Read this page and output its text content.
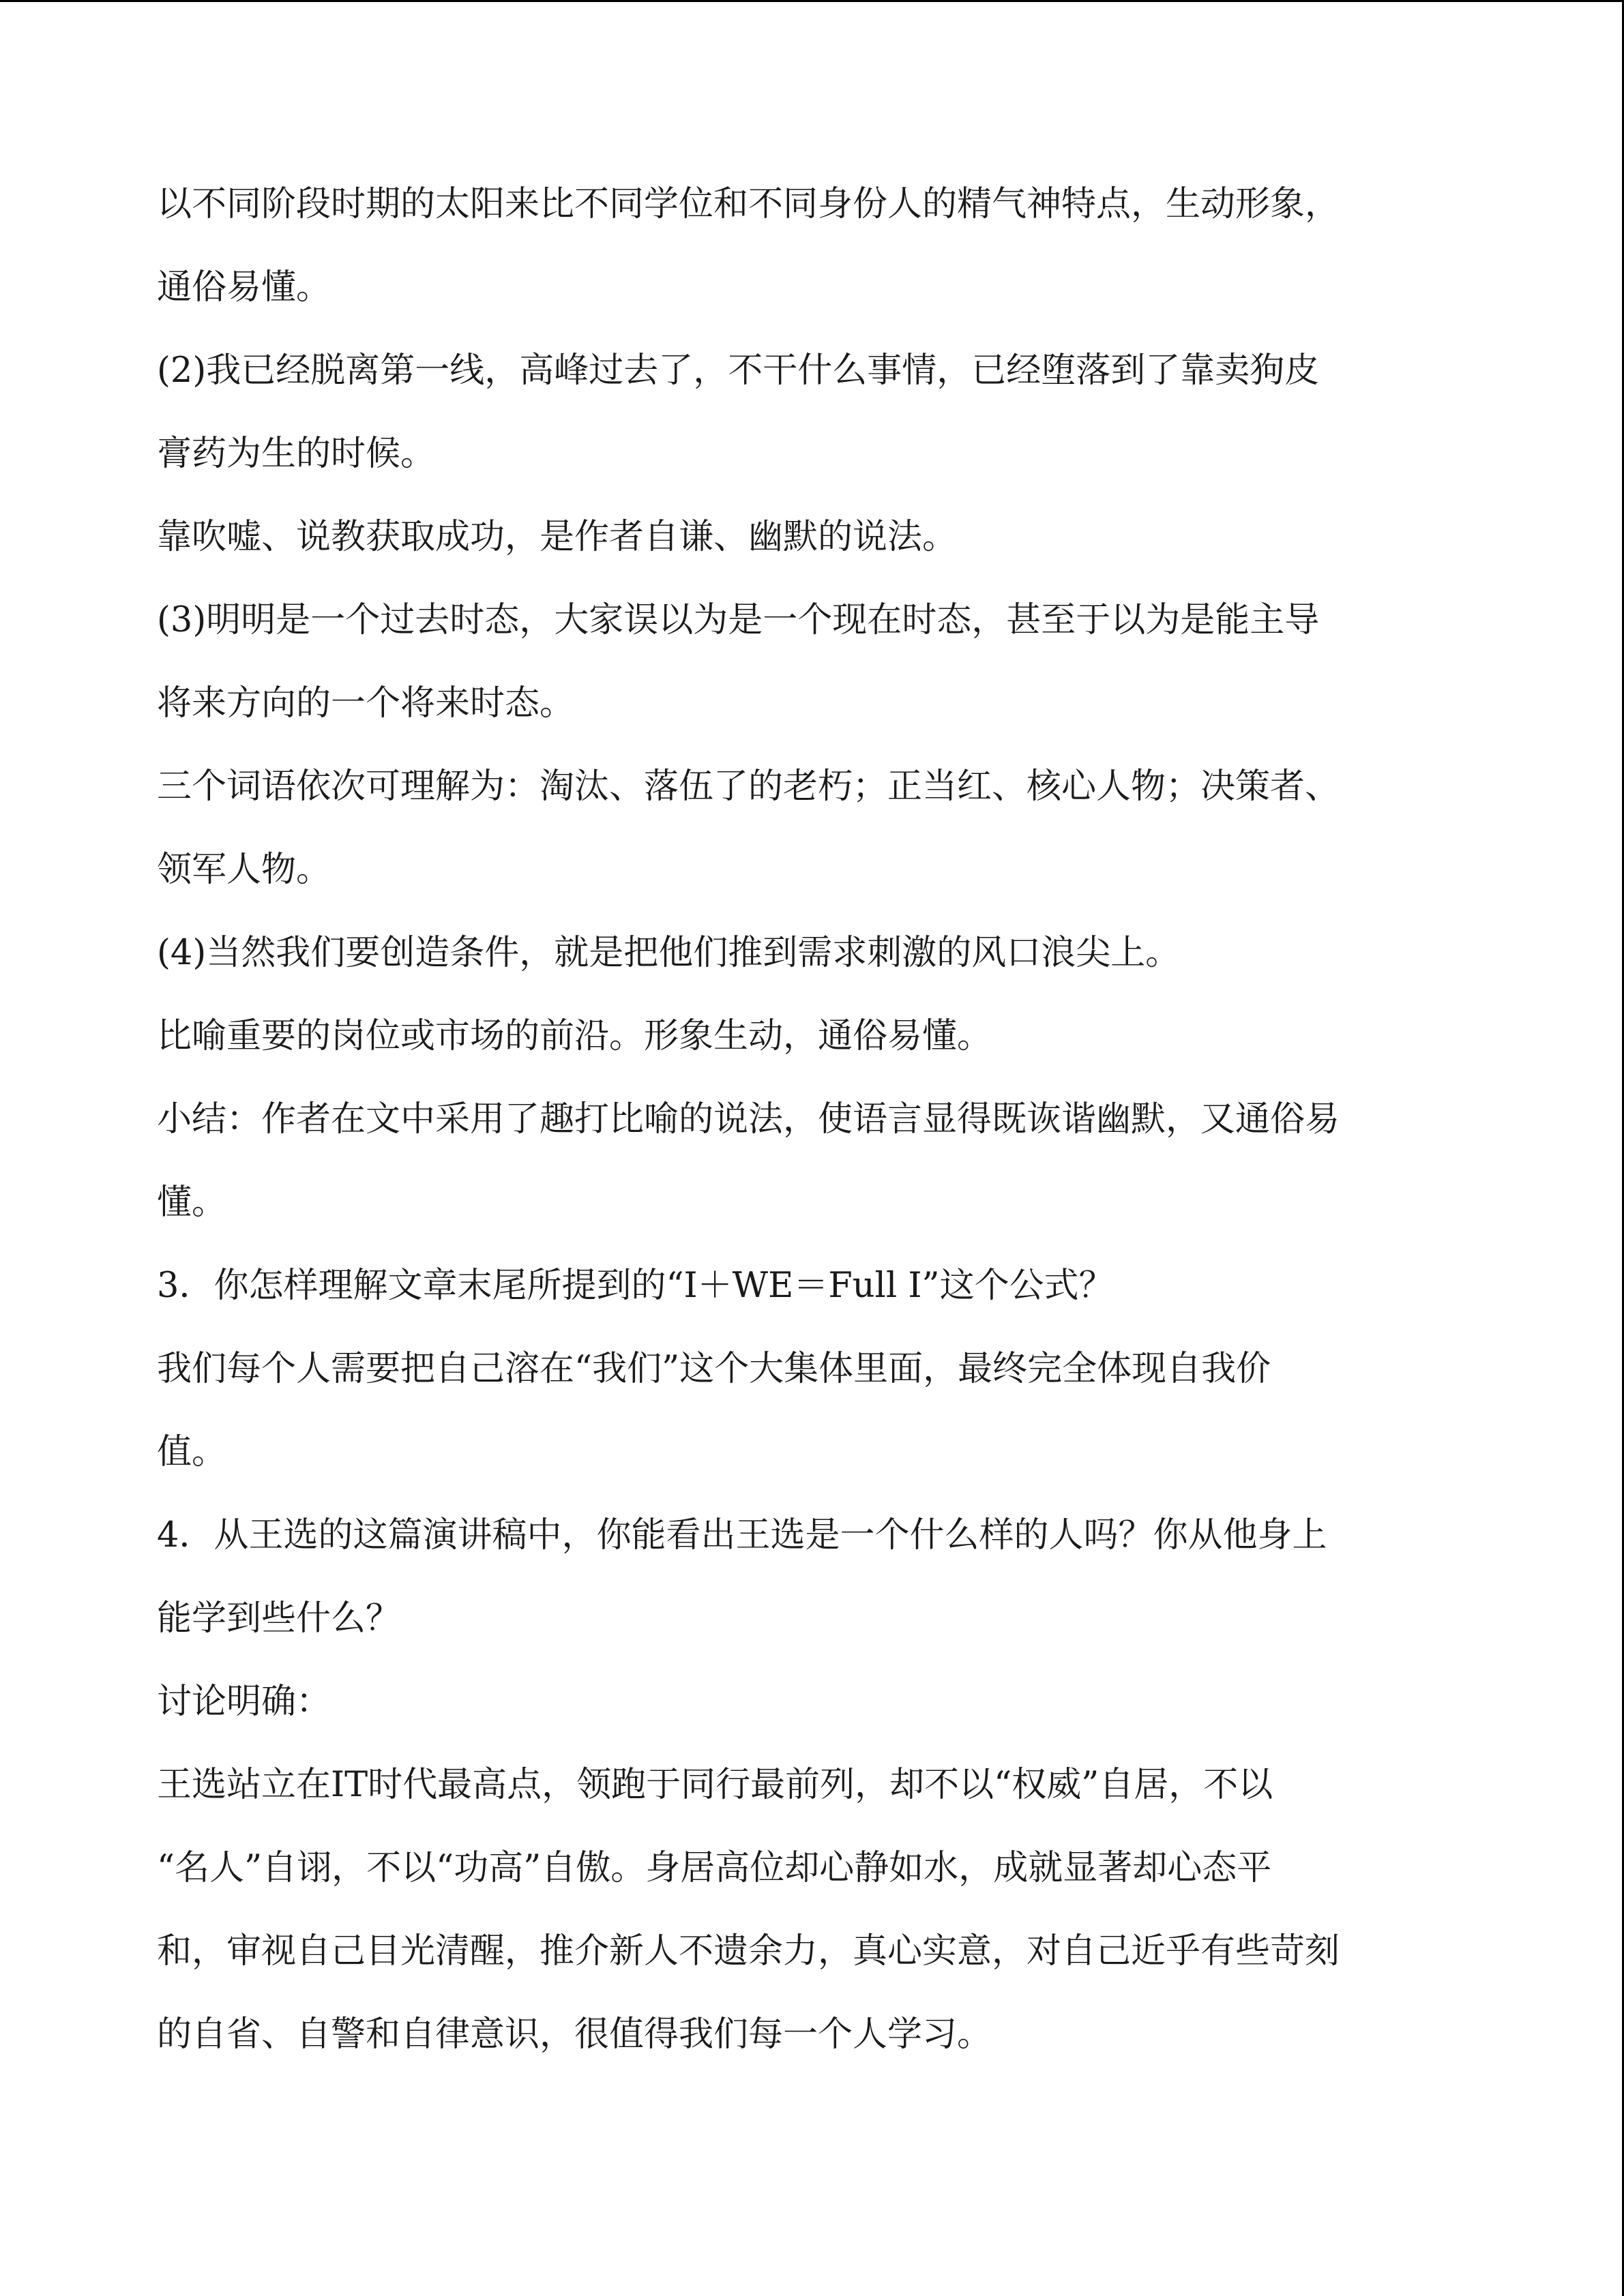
以不同阶段时期的太阳来比不同学位和不同身份人的精气神特点，生动形象，

通俗易懂。

(2)我已经脱离第一线，高峰过去了，不干什么事情，已经堕落到了靠卖狗皮

膏药为生的时候。

靠吹嘘、说教获取成功，是作者自谦、幽默的说法。

(3)明明是一个过去时态，大家误以为是一个现在时态，甚至于以为是能主导

将来方向的一个将来时态。

三个词语依次可理解为：淘汰、落伍了的老朽；正当红、核心人物；决策者、

领军人物。

(4)当然我们要创造条件，就是把他们推到需求刺激的风口浪尖上。

比喻重要的岗位或市场的前沿。形象生动，通俗易懂。

小结：作者在文中采用了趣打比喻的说法，使语言显得既诙谐幽默，又通俗易

懂。

3．你怎样理解文章末尾所提到的“I＋WE＝Full I”这个公式？

我们每个人需要把自己溶在“我们”这个大集体里面，最终完全体现自我价

值。

4．从王选的这篇演讲稿中，你能看出王选是一个什么样的人吗？你从他身上

能学到些什么？

讨论明确：

王选站立在IT时代最高点，领跑于同行最前列，却不以“权威”自居，不以

“名人”自诩，不以“功高”自傲。身居高位却心静如水，成就显著却心态平

和，审视自己目光清醒，推介新人不遗余力，真心实意，对自己近乎有些苛刻

的自省、自警和自律意识，很值得我们每一个人学习。
